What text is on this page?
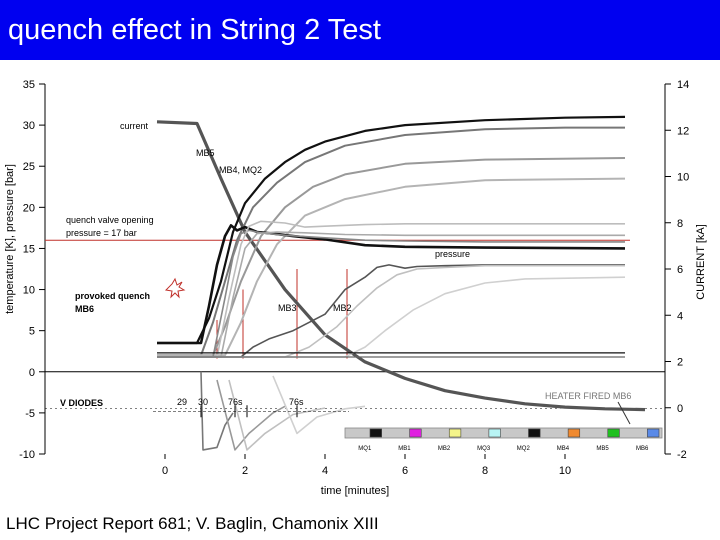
quench effect in String 2 Test
-10
-5
0
5
10
15
20
25
30
35
-2
0
2
4
6
8
10
12
14
0	2	4	6	8	10
time [minutes]
temperature [K], pressure [bar]	CURRENT [kA]
current
MB5
MB4, MQ2
quench valve opening
pressure = 17 bar
pressure
provoked quench
MB6	MB3	MB2
V DIODES	29 30 76s	76s
HEATER FIRED MB6
MQ1	MB1	MB2	MQ3	MQ2	MB4	MB5	MB6
LHC Project Report 681; V. Baglin, Chamonix XIII
